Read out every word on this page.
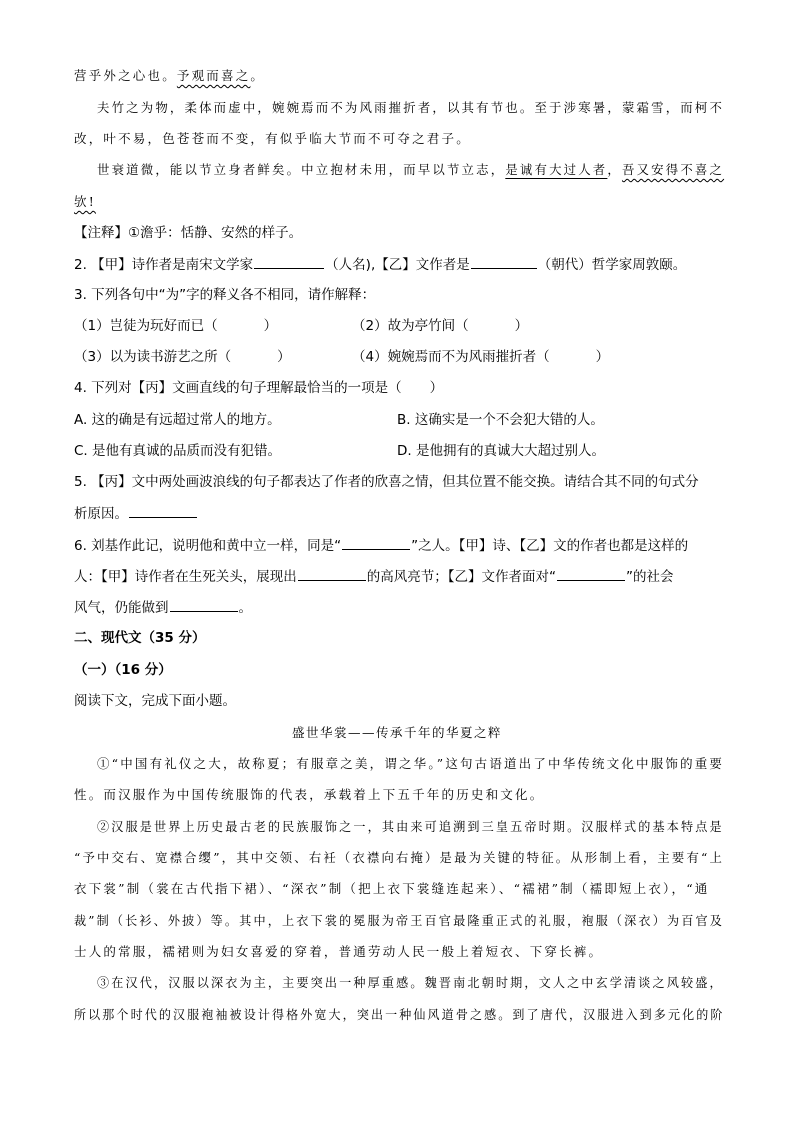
营乎外之心也。予观而喜之。
夫竹之为物，柔体而虚中，婉婉焉而不为风雨摧折者，以其有节也。至于涉寒暑，蒙霜雪，而柯不
改，叶不易，色苍苍而不变，有似乎临大节而不可夺之君子。
世衰道微，能以节立身者鲜矣。中立抱材未用，而早以节立志，是诚有大过人者，吾又安得不喜之
欤!
【注释】①澹乎：恬静、安然的样子。
2. 【甲】诗作者是南宋文学家	（人名),【乙】文作者是	（朝代）哲学家周敦颐。
3. 下列各句中“为”字的释义各不相同，请作解释：
（1）岂徒为玩好而已（	）	（2）故为亭竹间（	）
（3）以为读书游艺之所（	）	（4）婉婉焉而不为风雨摧折者（	）
4. 下列对【丙】文画直线的句子理解最恰当的一项是（ ）
A. 这的确是有远超过常人的地方。	B. 这确实是一个不会犯大错的人。
C. 是他有真诚的品质而没有犯错。	D. 是他拥有的真诚大大超过别人。
5. 【丙】文中两处画波浪线的句子都表达了作者的欣喜之情，但其位置不能交换。请结合其不同的句式分
析原因。
6. 刘基作此记，说明他和黄中立一样，同是“	”之人。【甲】诗、【乙】文的作者也都是这样的
人：【甲】诗作者在生死关头，展现出	的高风亮节；【乙】文作者面对“	”的社会
风气，仍能做到	。
二、现代文（35 分）
（一）（16 分）
阅读下文，完成下面小题。
盛世华裳——传承千年的华夏之粹
①“中国有礼仪之大，故称夏；有服章之美，谓之华。”这句古语道出了中华传统文化中服饰的重要
性。而汉服作为中国传统服饰的代表，承载着上下五千年的历史和文化。
②汉服是世界上历史最古老的民族服饰之一，其由来可追溯到三皇五帝时期。汉服样式的基本特点是
“予中交右、宽襟合缨”，其中交领、右衽（衣襟向右掩）是最为关键的特征。从形制上看，主要有“上
衣下裳”制（裳在古代指下裙）、“深衣”制（把上衣下裳缝连起来）、“襦裙”制（襦即短上衣），“通
裁”制（长衫、外披）等。其中，上衣下裳的冕服为帝王百官最隆重正式的礼服，袍服（深衣）为百官及
士人的常服，襦裙则为妇女喜爱的穿着，普通劳动人民一般上着短衣、下穿长裤。
③在汉代，汉服以深衣为主，主要突出一种厚重感。魏晋南北朝时期，文人之中玄学清谈之风较盛，
所以那个时代的汉服袍袖被设计得格外宽大，突出一种仙风道骨之感。到了唐代，汉服进入到多元化的阶
